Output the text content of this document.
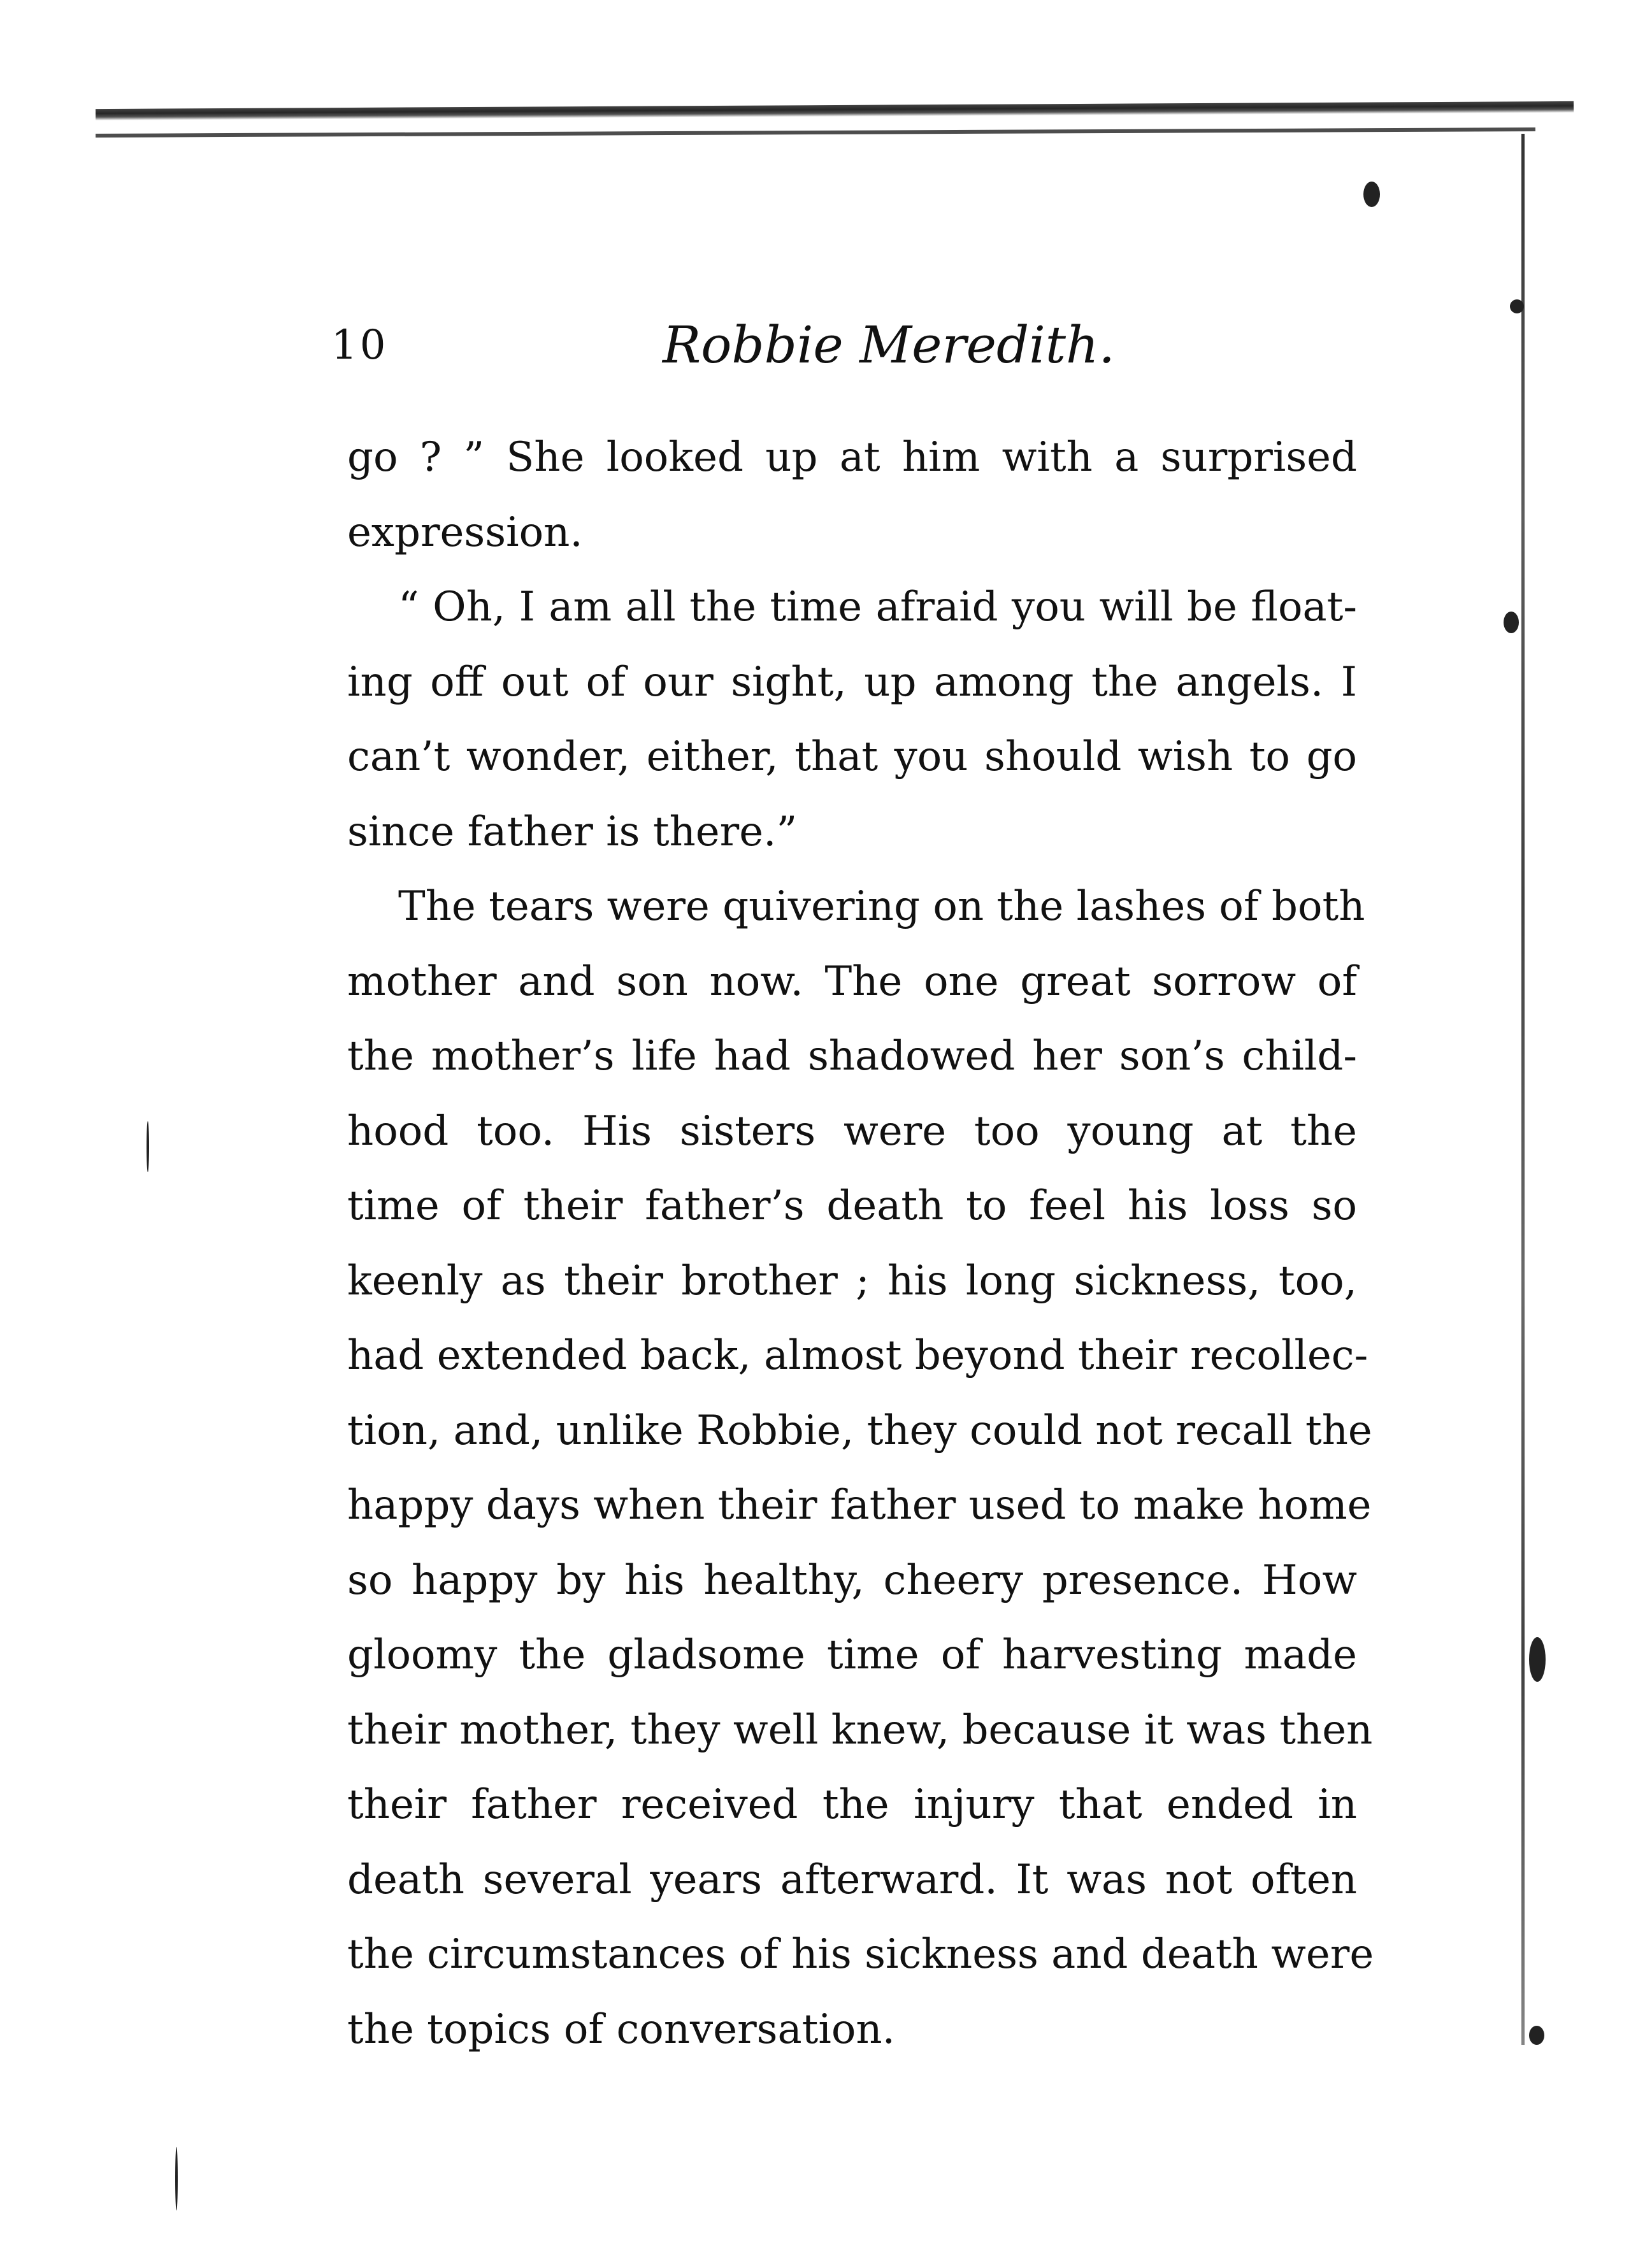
10	Robbie Meredith.

go ? ” She looked up at him with a surprised
expression.

“ Oh, I am all the time afraid you will be float-
ing off out of our sight, up among the angels. I
can’t wonder, either, that you should wish to go
since father is there.”

The tears were quivering on the lashes of both
mother and son now. The one great sorrow of
the mother’s life had shadowed her son’s child-
hood too. His sisters were too young at the
time of their father’s death to feel his loss so
keenly as their brother ; his long sickness, too,
had extended back, almost beyond their recollec-
tion, and, unlike Robbie, they could not recall the
happy days when their father used to make home
so happy by his healthy, cheery presence. How
gloomy the gladsome time of harvesting made
their mother, they well knew, because it was then
their father received the injury that ended in
death several years afterward. It was not often
the circumstances of his sickness and death were
the topics of conversation.
